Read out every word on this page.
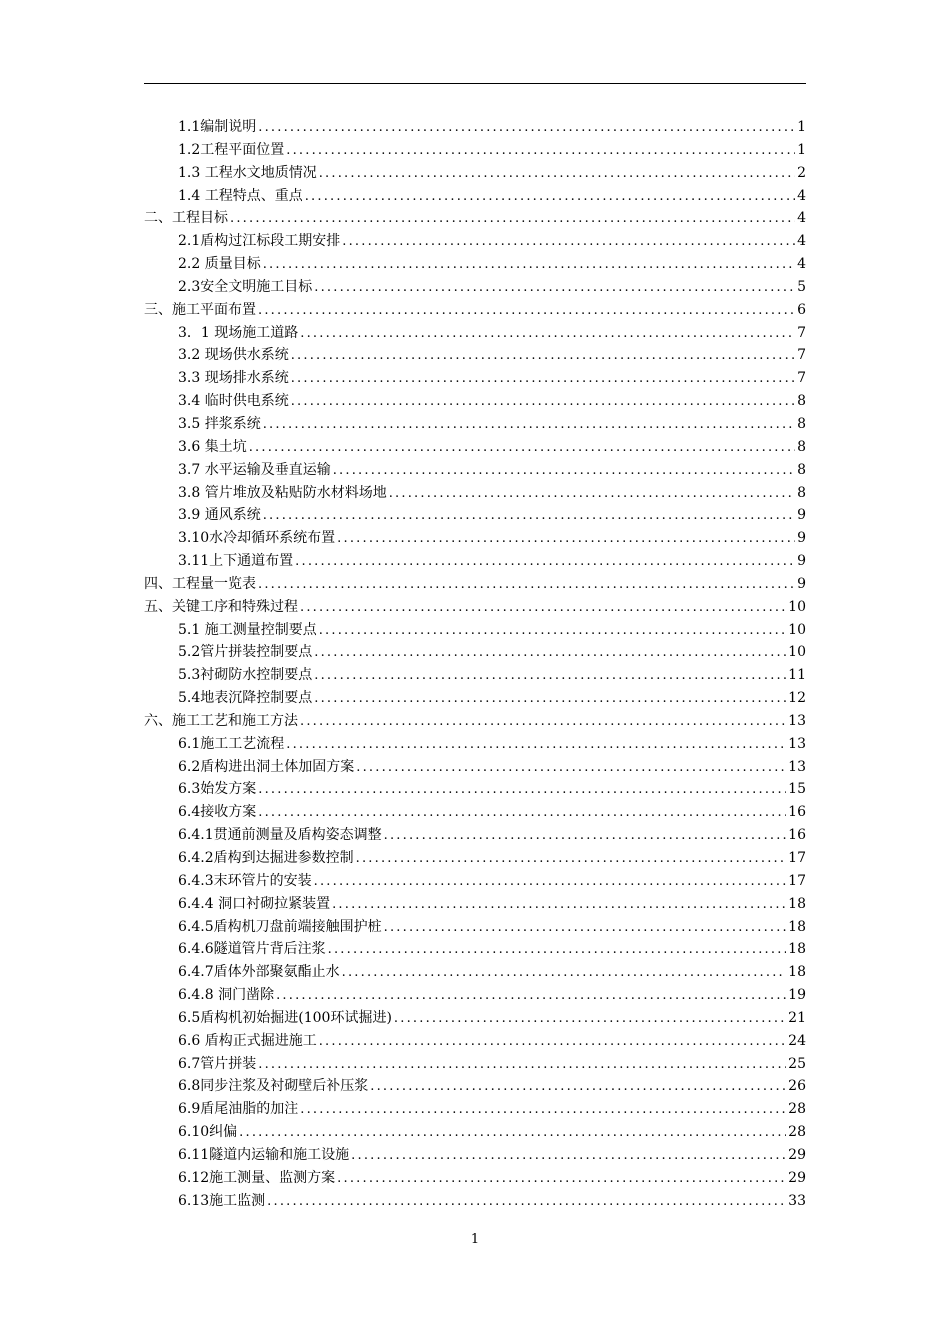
1.1编制说明 .....	1
1.2工程平面位置 .....	1
1.3 工程水文地质情况 .....	2
1.4 工程特点、重点 .....	4
二、工程目标 .....	4
2.1盾构过江标段工期安排 .....	4
2.2 质量目标 .....	4
2.3安全文明施工目标 .....	5
三、施工平面布置 .....	6
3．1 现场施工道路 .....	7
3.2 现场供水系统 .....	7
3.3 现场排水系统 .....	7
3.4 临时供电系统 .....	8
3.5 拌浆系统 .....	8
3.6 集土坑 .....	8
3.7 水平运输及垂直运输 .....	8
3.8 管片堆放及粘贴防水材料场地 .....	8
3.9 通风系统 .....	9
3.10水冷却循环系统布置 .....	9
3.11上下通道布置 .....	9
四、工程量一览表 .....	9
五、关键工序和特殊过程 .....	10
5.1 施工测量控制要点 .....	10
5.2管片拼装控制要点 .....	10
5.3衬砌防水控制要点 .....	11
5.4地表沉降控制要点 .....	12
六、施工工艺和施工方法 .....	13
6.1施工工艺流程 .....	13
6.2盾构进出洞土体加固方案 .....	13
6.3始发方案 .....	15
6.4接收方案 .....	16
6.4.1贯通前测量及盾构姿态调整 .....	16
6.4.2盾构到达掘进参数控制 .....	17
6.4.3末环管片的安装 .....	17
6.4.4 洞口衬砌拉紧装置 .....	18
6.4.5盾构机刀盘前端接触围护桩 .....	18
6.4.6隧道管片背后注浆 .....	18
6.4.7盾体外部聚氨酯止水 .....	18
6.4.8 洞门凿除 .....	19
6.5盾构机初始掘进(100环试掘进) .....	21
6.6 盾构正式掘进施工 .....	24
6.7管片拼装 .....	25
6.8同步注浆及衬砌壁后补压浆 .....	26
6.9盾尾油脂的加注 .....	28
6.10纠偏 .....	28
6.11隧道内运输和施工设施 .....	29
6.12施工测量、监测方案 .....	29
6.13施工监测 .....	33
1
